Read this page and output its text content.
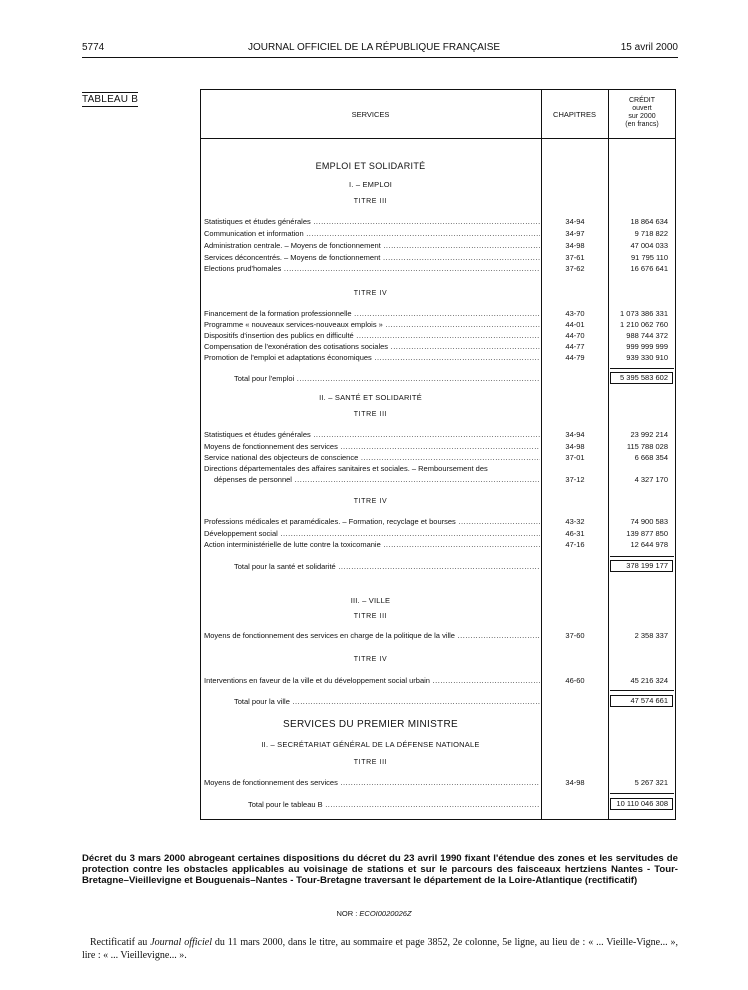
5774	JOURNAL OFFICIEL DE LA RÉPUBLIQUE FRANÇAISE	15 avril 2000
TABLEAU B
SERVICES	CHAPITRES
CRÉDIT
ouvert
sur 2000
(en francs)
EMPLOI ET SOLIDARITÉ
I. – EMPLOI
TITRE III
Statistiques et études générales .....	34-94	18 864 634
Communication et information .....	34-97	9 718 822
Administration centrale. – Moyens de fonctionnement .....	34-98	47 004 033
Services déconcentrés. – Moyens de fonctionnement .....	37-61	91 795 110
Elections prud'homales .....	37-62	16 676 641
TITRE IV
Financement de la formation professionnelle .....	43-70	1 073 386 331
Programme « nouveaux services-nouveaux emplois » .....	44-01	1 210 062 760
Dispositifs d'insertion des publics en difficulté .....	44-70	988 744 372
Compensation de l'exonération des cotisations sociales .....	44-77	999 999 999
Promotion de l'emploi et adaptations économiques .....	44-79	939 330 910
Total pour l'emploi .....	5 395 583 602
II. – SANTÉ ET SOLIDARITÉ
TITRE III
Statistiques et études générales .....	34-94	23 992 214
Moyens de fonctionnement des services .....	34-98	115 788 028
Service national des objecteurs de conscience .....	37-01	6 668 354
Directions départementales des affaires sanitaires et sociales. – Remboursement des
dépenses de personnel .....	37-12	4 327 170
TITRE IV
Professions médicales et paramédicales. – Formation, recyclage et bourses .....	43-32	74 900 583
Développement social .....	46-31	139 877 850
Action interministérielle de lutte contre la toxicomanie .....	47-16	12 644 978
Total pour la santé et solidarité .....	378 199 177
III. – VILLE
TITRE III
Moyens de fonctionnement des services en charge de la politique de la ville .....	37-60	2 358 337
TITRE IV
Interventions en faveur de la ville et du développement social urbain .....	46-60	45 216 324
Total pour la ville .....	47 574 661
SERVICES DU PREMIER MINISTRE
II. – SECRÉTARIAT GÉNÉRAL DE LA DÉFENSE NATIONALE
TITRE III
Moyens de fonctionnement des services .....	34-98	5 267 321
Total pour le tableau B .....	10 110 046 308
Décret du 3 mars 2000 abrogeant certaines dispositions du décret du 23 avril 1990 fixant l'étendue des zones et les servitudes de protection contre les obstacles applicables au voisinage de stations et sur le parcours des faisceaux hertziens Nantes - Tour-Bretagne–Vieillevigne et Bouguenais–Nantes - Tour-Bretagne traversant le département de la Loire-Atlantique (rectificatif)
NOR : ECOI0020026Z
Rectificatif au Journal officiel du 11 mars 2000, dans le titre, au sommaire et page 3852, 2e colonne, 5e ligne, au lieu de : « ... Vieille-Vigne... », lire : « ... Vieillevigne... ».
